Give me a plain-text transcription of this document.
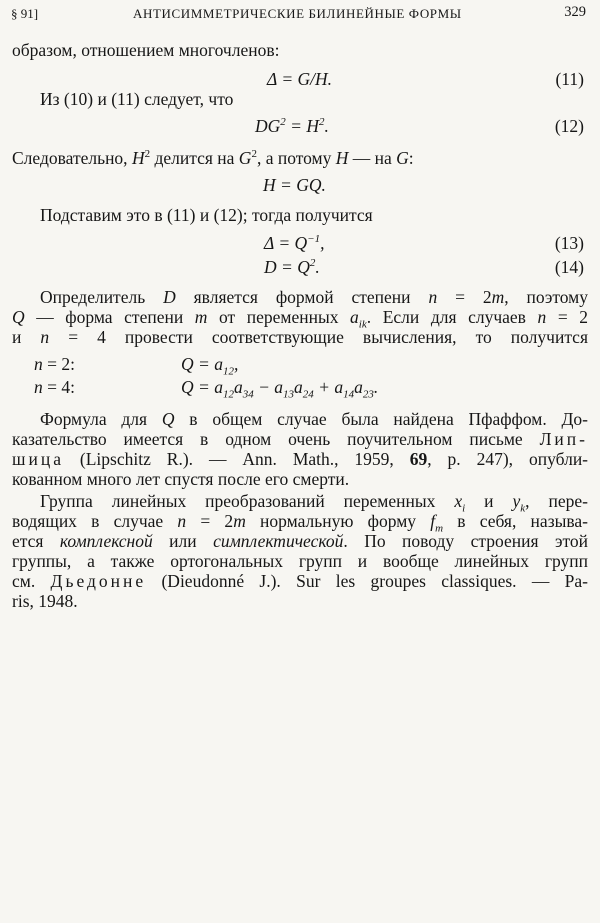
§ 91]	АНТИСИММЕТРИЧЕСКИЕ БИЛИНЕЙНЫЕ ФОРМЫ	329
образом, отношением многочленов:
Δ = G/H.	(11)
Из (10) и (11) следует, что
$DG^2 = H^2$.	(12)
Следовательно, $H^2$ делится на $G^2$, а потому H — на G:
H = GQ.
Подставим это в (11) и (12); тогда получится
$\Delta = Q^{-1}$,	(13)
$D = Q^2$.	(14)
Определитель D является формой степени n = 2m, поэтому
Q — форма степени m от переменных $a_{ik}$. Если для случаев n = 2
и n = 4 провести соответствующие вычисления, то получится
n = 2:	$Q = a_{12}$,
n = 4:	$Q = a_{12}a_{34} - a_{13}a_{24} + a_{14}a_{23}$.
Формула для Q в общем случае была найдена Пфаффом. До-
казательство имеется в одном очень поучительном письме Лип-
шица (Lipschitz R.). — Ann. Math., 1959, 69, p. 247), опубли-
кованном много лет спустя после его смерти.
Группа линейных преобразований переменных $x_i$ и $y_k$, пере-
водящих в случае n = 2m нормальную форму $f_m$ в себя, называ-
ется комплексной или симплектической. По поводу строения этой
группы, а также ортогональных групп и вообще линейных групп
см. Дьедонне (Dieudonné J.). Sur les groupes classiques. — Pa-
ris, 1948.
